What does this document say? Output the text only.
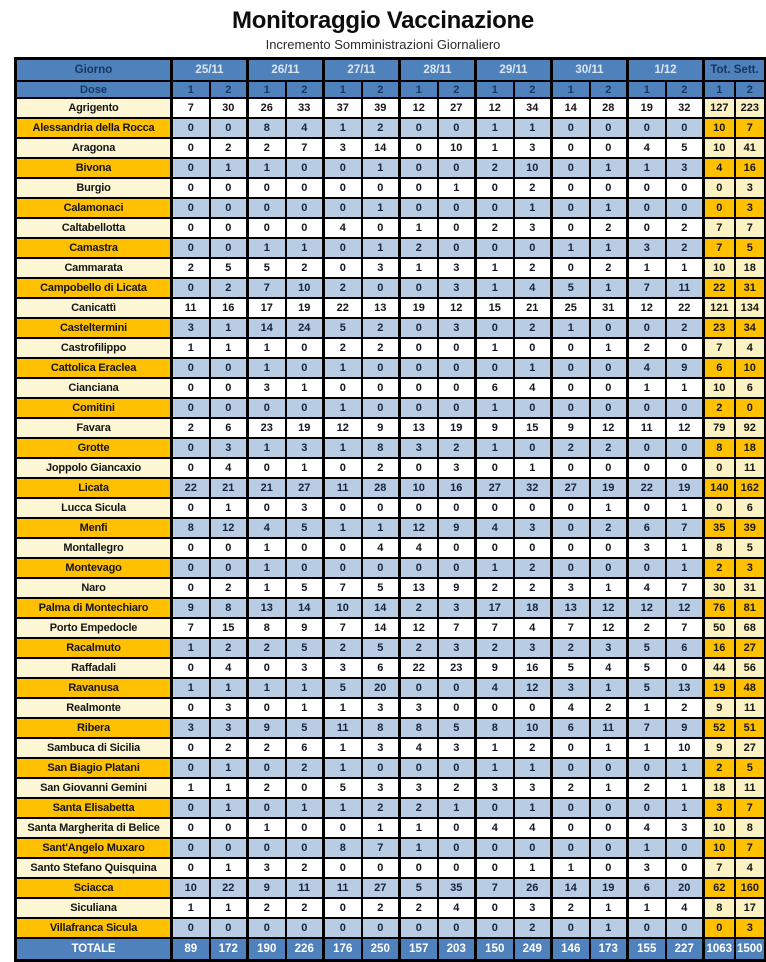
Monitoraggio Vaccinazione
Incremento Somministrazioni Giornaliero
Giorno	25/11		26/11		27/11		28/11		29/11		30/11		1/12		Tot. Sett.	
Dose	1	2	1	2	1	2	1	2	1	2	1	2	1	2	1	2
Agrigento	7	30	26	33	37	39	12	27	12	34	14	28	19	32	127	223
Alessandria della Rocca	0	0	8	4	1	2	0	0	1	1	0	0	0	0	10	7
Aragona	0	2	2	7	3	14	0	10	1	3	0	0	4	5	10	41
Bivona	0	1	1	0	0	1	0	0	2	10	0	1	1	3	4	16
Burgio	0	0	0	0	0	0	0	1	0	2	0	0	0	0	0	3
Calamonaci	0	0	0	0	0	1	0	0	0	1	0	1	0	0	0	3
Caltabellotta	0	0	0	0	4	0	1	0	2	3	0	2	0	2	7	7
Camastra	0	0	1	1	0	1	2	0	0	0	1	1	3	2	7	5
Cammarata	2	5	5	2	0	3	1	3	1	2	0	2	1	1	10	18
Campobello di Licata	0	2	7	10	2	0	0	3	1	4	5	1	7	11	22	31
Canicattì	11	16	17	19	22	13	19	12	15	21	25	31	12	22	121	134
Casteltermini	3	1	14	24	5	2	0	3	0	2	1	0	0	2	23	34
Castrofilippo	1	1	1	0	2	2	0	0	1	0	0	1	2	0	7	4
Cattolica Eraclea	0	0	1	0	1	0	0	0	0	1	0	0	4	9	6	10
Cianciana	0	0	3	1	0	0	0	0	6	4	0	0	1	1	10	6
Comitini	0	0	0	0	1	0	0	0	1	0	0	0	0	0	2	0
Favara	2	6	23	19	12	9	13	19	9	15	9	12	11	12	79	92
Grotte	0	3	1	3	1	8	3	2	1	0	2	2	0	0	8	18
Joppolo Giancaxio	0	4	0	1	0	2	0	3	0	1	0	0	0	0	0	11
Licata	22	21	21	27	11	28	10	16	27	32	27	19	22	19	140	162
Lucca Sicula	0	1	0	3	0	0	0	0	0	0	0	1	0	1	0	6
Menfi	8	12	4	5	1	1	12	9	4	3	0	2	6	7	35	39
Montallegro	0	0	1	0	0	4	4	0	0	0	0	0	3	1	8	5
Montevago	0	0	1	0	0	0	0	0	1	2	0	0	0	1	2	3
Naro	0	2	1	5	7	5	13	9	2	2	3	1	4	7	30	31
Palma di Montechiaro	9	8	13	14	10	14	2	3	17	18	13	12	12	12	76	81
Porto Empedocle	7	15	8	9	7	14	12	7	7	4	7	12	2	7	50	68
Racalmuto	1	2	2	5	2	5	2	3	2	3	2	3	5	6	16	27
Raffadali	0	4	0	3	3	6	22	23	9	16	5	4	5	0	44	56
Ravanusa	1	1	1	1	5	20	0	0	4	12	3	1	5	13	19	48
Realmonte	0	3	0	1	1	3	3	0	0	0	4	2	1	2	9	11
Ribera	3	3	9	5	11	8	8	5	8	10	6	11	7	9	52	51
Sambuca di Sicilia	0	2	2	6	1	3	4	3	1	2	0	1	1	10	9	27
San Biagio Platani	0	1	0	2	1	0	0	0	1	1	0	0	0	1	2	5
San Giovanni Gemini	1	1	2	0	5	3	3	2	3	3	2	1	2	1	18	11
Santa Elisabetta	0	1	0	1	1	2	2	1	0	1	0	0	0	1	3	7
Santa Margherita di Belice	0	0	1	0	0	1	1	0	4	4	0	0	4	3	10	8
Sant'Angelo Muxaro	0	0	0	0	8	7	1	0	0	0	0	0	1	0	10	7
Santo Stefano Quisquina	0	1	3	2	0	0	0	0	0	1	1	0	3	0	7	4
Sciacca	10	22	9	11	11	27	5	35	7	26	14	19	6	20	62	160
Siculiana	1	1	2	2	0	2	2	4	0	3	2	1	1	4	8	17
Villafranca Sicula	0	0	0	0	0	0	0	0	0	2	0	1	0	0	0	3
TOTALE	89	172	190	226	176	250	157	203	150	249	146	173	155	227	1063	1500
